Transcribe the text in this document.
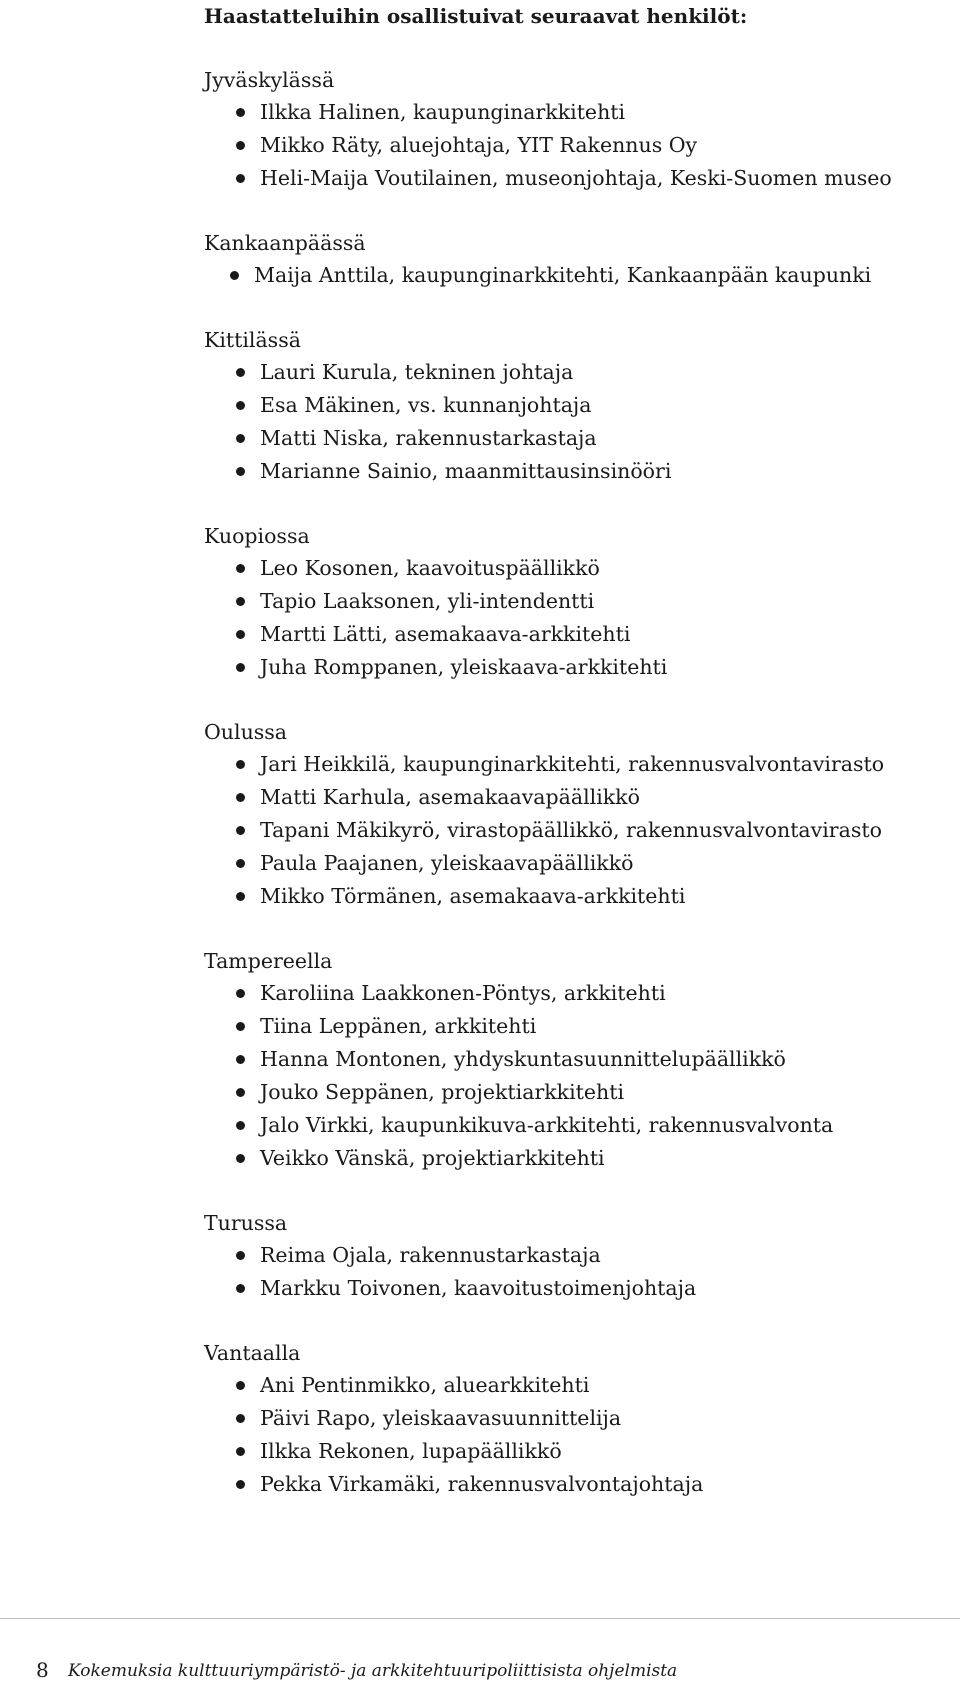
Haastatteluihin osallistuivat seuraavat henkilöt:
Jyväskylässä
Ilkka Halinen, kaupunginarkkitehti
Mikko Räty, aluejohtaja, YIT Rakennus Oy
Heli-Maija Voutilainen, museonjohtaja, Keski-Suomen museo
Kankaanpäässä
Maija Anttila, kaupunginarkkitehti, Kankaanpään kaupunki
Kittilässä
Lauri Kurula, tekninen johtaja
Esa Mäkinen, vs. kunnanjohtaja
Matti Niska, rakennustarkastaja
Marianne Sainio, maanmittausinsinööri
Kuopiossa
Leo Kosonen, kaavoituspäällikkö
Tapio Laaksonen, yli-intendentti
Martti Lätti, asemakaava-arkkitehti
Juha Romppanen, yleiskaava-arkkitehti
Oulussa
Jari Heikkilä, kaupunginarkkitehti, rakennusvalvontavirasto
Matti Karhula, asemakaavapäällikkö
Tapani Mäkikyrö, virastopäällikkö, rakennusvalvontavirasto
Paula Paajanen, yleiskaavapäällikkö
Mikko Törmänen, asemakaava-arkkitehti
Tampereella
Karoliina Laakkonen-Pöntys, arkkitehti
Tiina Leppänen, arkkitehti
Hanna Montonen, yhdyskuntasuunnittelupäällikkö
Jouko Seppänen, projektiarkkitehti
Jalo Virkki, kaupunkikuva-arkkitehti, rakennusvalvonta
Veikko Vänskä, projektiarkkitehti
Turussa
Reima Ojala, rakennustarkastaja
Markku Toivonen, kaavoitustoimenjohtaja
Vantaalla
Ani Pentinmikko, aluearkkitehti
Päivi Rapo, yleiskaavasuunnittelija
Ilkka Rekonen, lupapäällikkö
Pekka Virkamäki, rakennusvalvontajohtaja
8 Kokemuksia kulttuuriympäristö- ja arkkitehtuuripoliittisista ohjelmista
